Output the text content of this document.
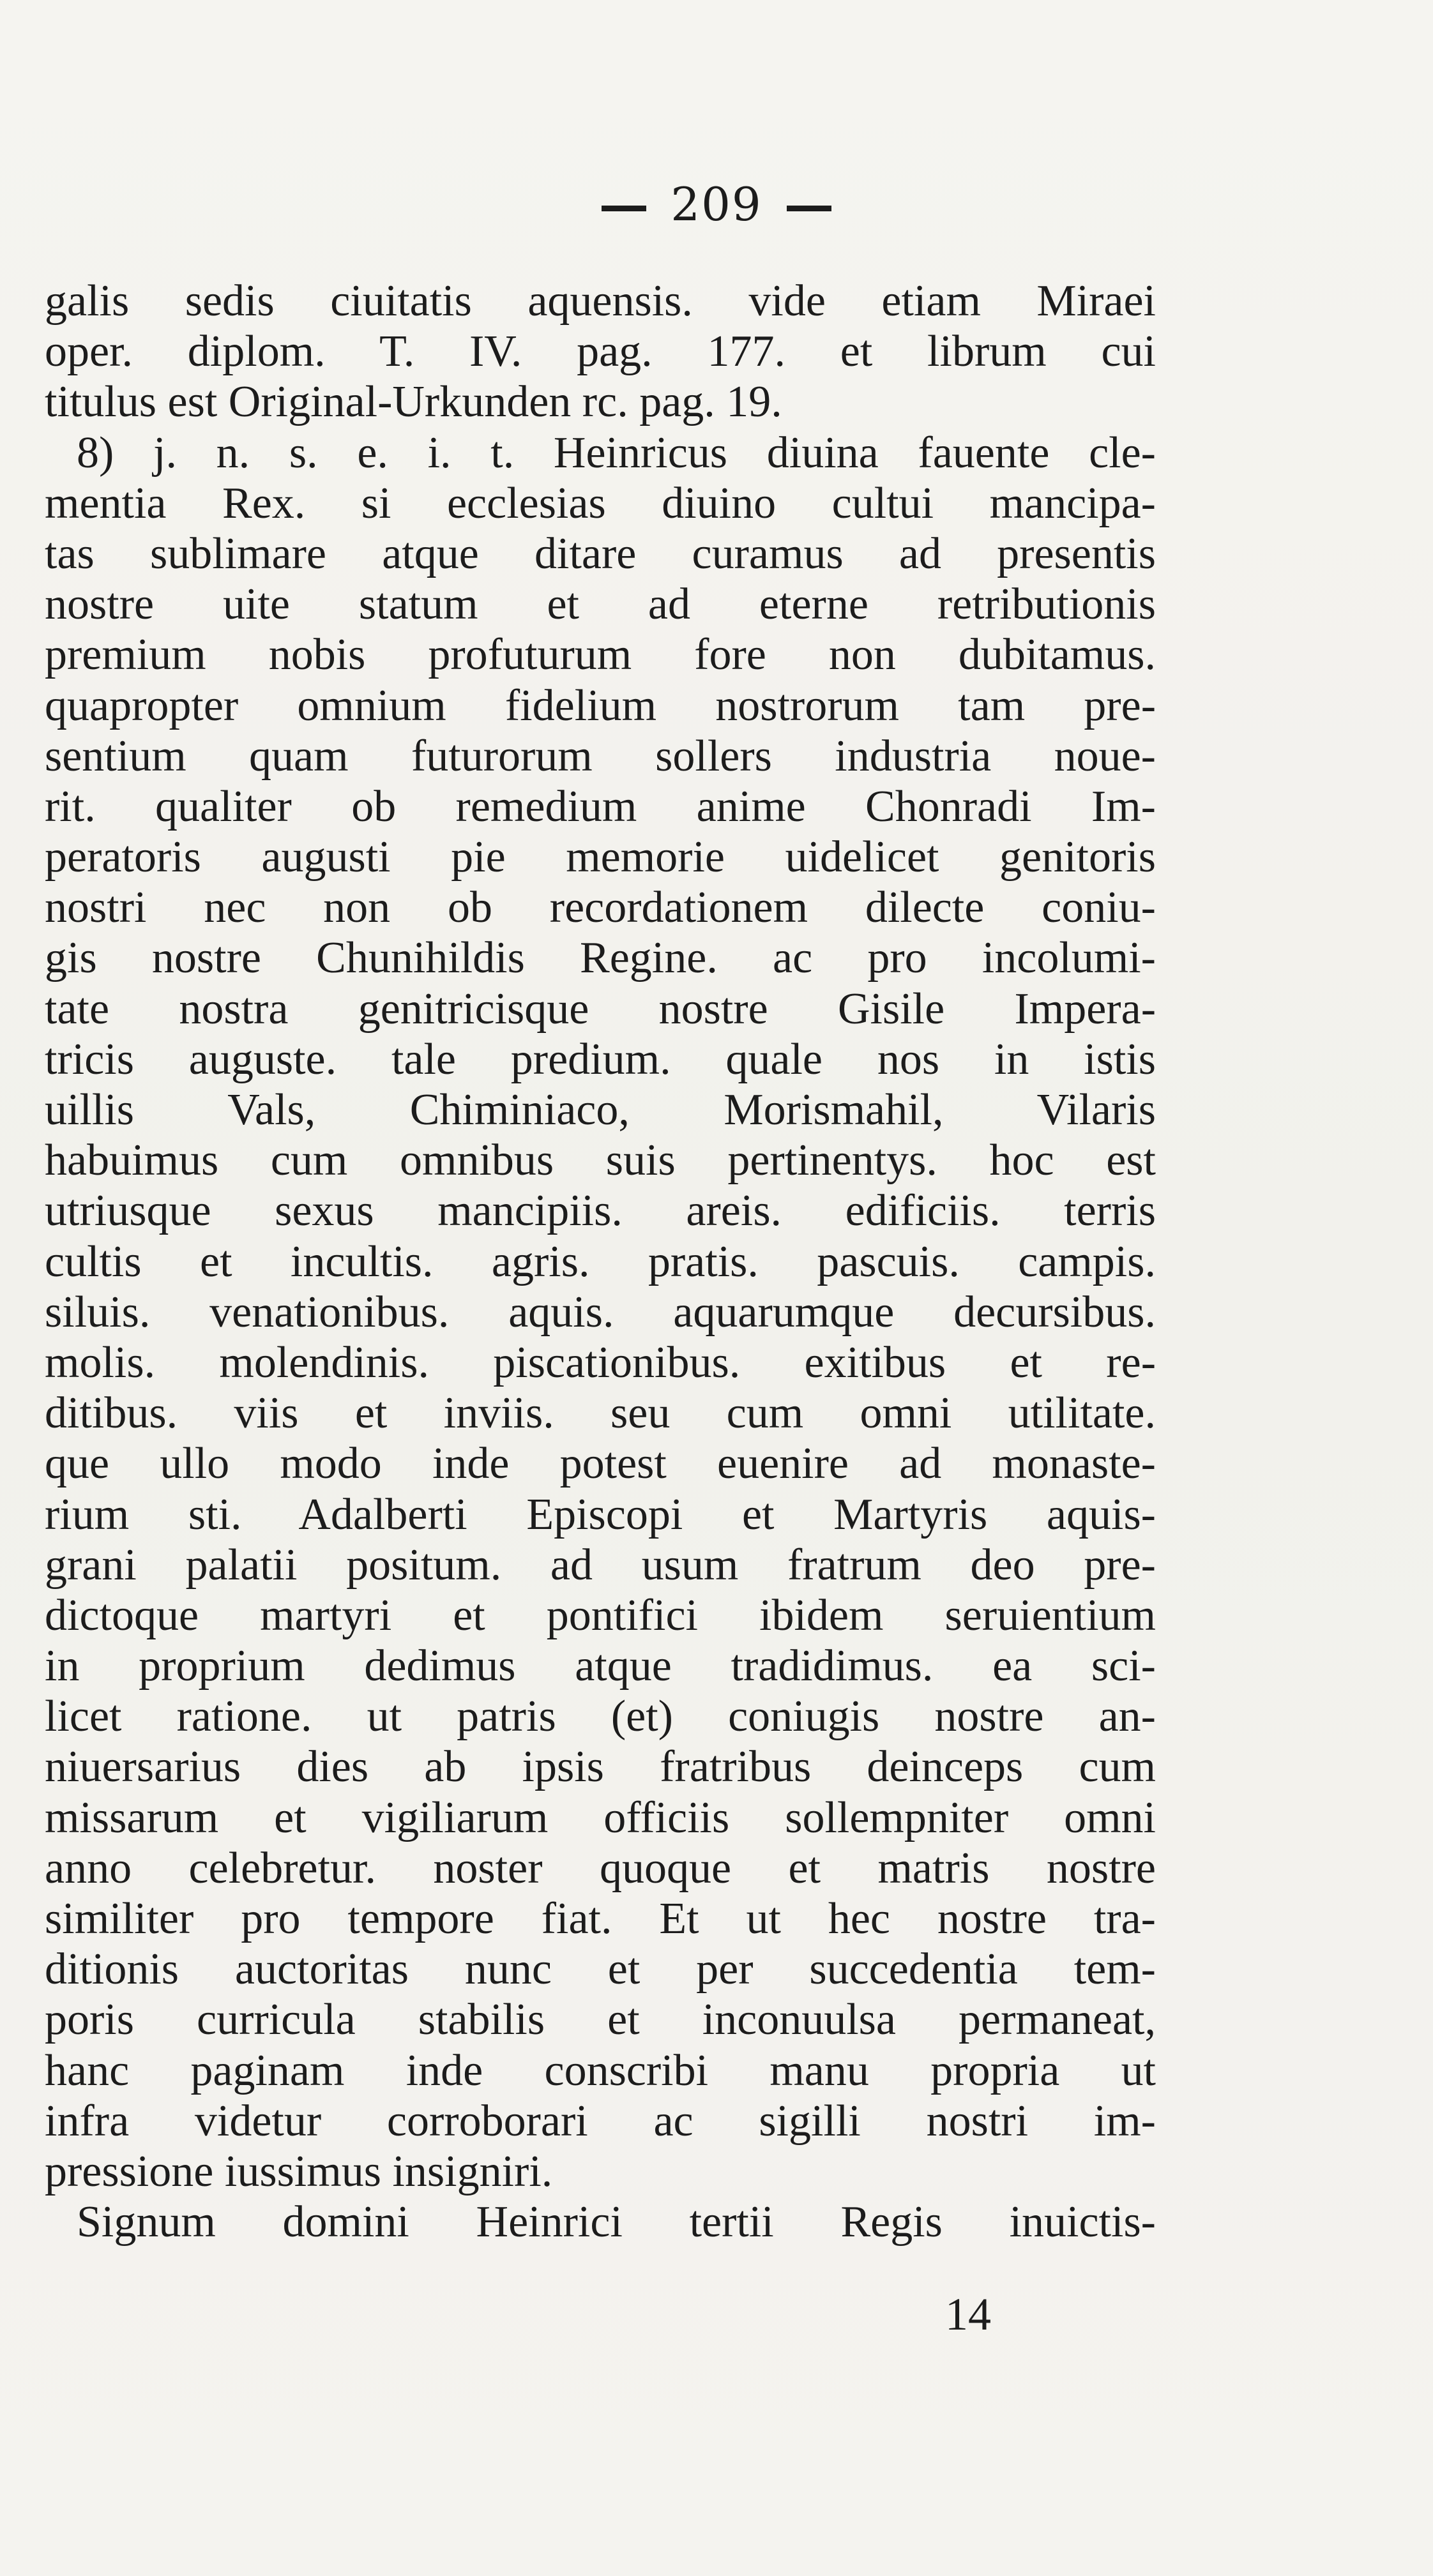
209
galis sedis ciuitatis aquensis. vide etiam Miraei
oper. diplom. T. IV. pag. 177. et librum cui
titulus est Original-Urkunden rc. pag. 19.
8) j. n. s. e. i. t. Heinricus diuina fauente cle-
mentia Rex. si ecclesias diuino cultui mancipa-
tas sublimare atque ditare curamus ad presentis
nostre uite statum et ad eterne retributionis
premium nobis profuturum fore non dubitamus.
quapropter omnium fidelium nostrorum tam pre-
sentium quam futurorum sollers industria noue-
rit. qualiter ob remedium anime Chonradi Im-
peratoris augusti pie memorie uidelicet genitoris
nostri nec non ob recordationem dilecte coniu-
gis nostre Chunihildis Regine. ac pro incolumi-
tate nostra genitricisque nostre Gisile Impera-
tricis auguste. tale predium. quale nos in istis
uillis Vals, Chiminiaco, Morismahil, Vilaris
habuimus cum omnibus suis pertinentys. hoc est
utriusque sexus mancipiis. areis. edificiis. terris
cultis et incultis. agris. pratis. pascuis. campis.
siluis. venationibus. aquis. aquarumque decursibus.
molis. molendinis. piscationibus. exitibus et re-
ditibus. viis et inviis. seu cum omni utilitate.
que ullo modo inde potest euenire ad monaste-
rium sti. Adalberti Episcopi et Martyris aquis-
grani palatii positum. ad usum fratrum deo pre-
dictoque martyri et pontifici ibidem seruientium
in proprium dedimus atque tradidimus. ea sci-
licet ratione. ut patris (et) coniugis nostre an-
niuersarius dies ab ipsis fratribus deinceps cum
missarum et vigiliarum officiis sollempniter omni
anno celebretur. noster quoque et matris nostre
similiter pro tempore fiat. Et ut hec nostre tra-
ditionis auctoritas nunc et per succedentia tem-
poris curricula stabilis et inconuulsa permaneat,
hanc paginam inde conscribi manu propria ut
infra videtur corroborari ac sigilli nostri im-
pressione iussimus insigniri.
Signum domini Heinrici tertii Regis inuictis-
14
